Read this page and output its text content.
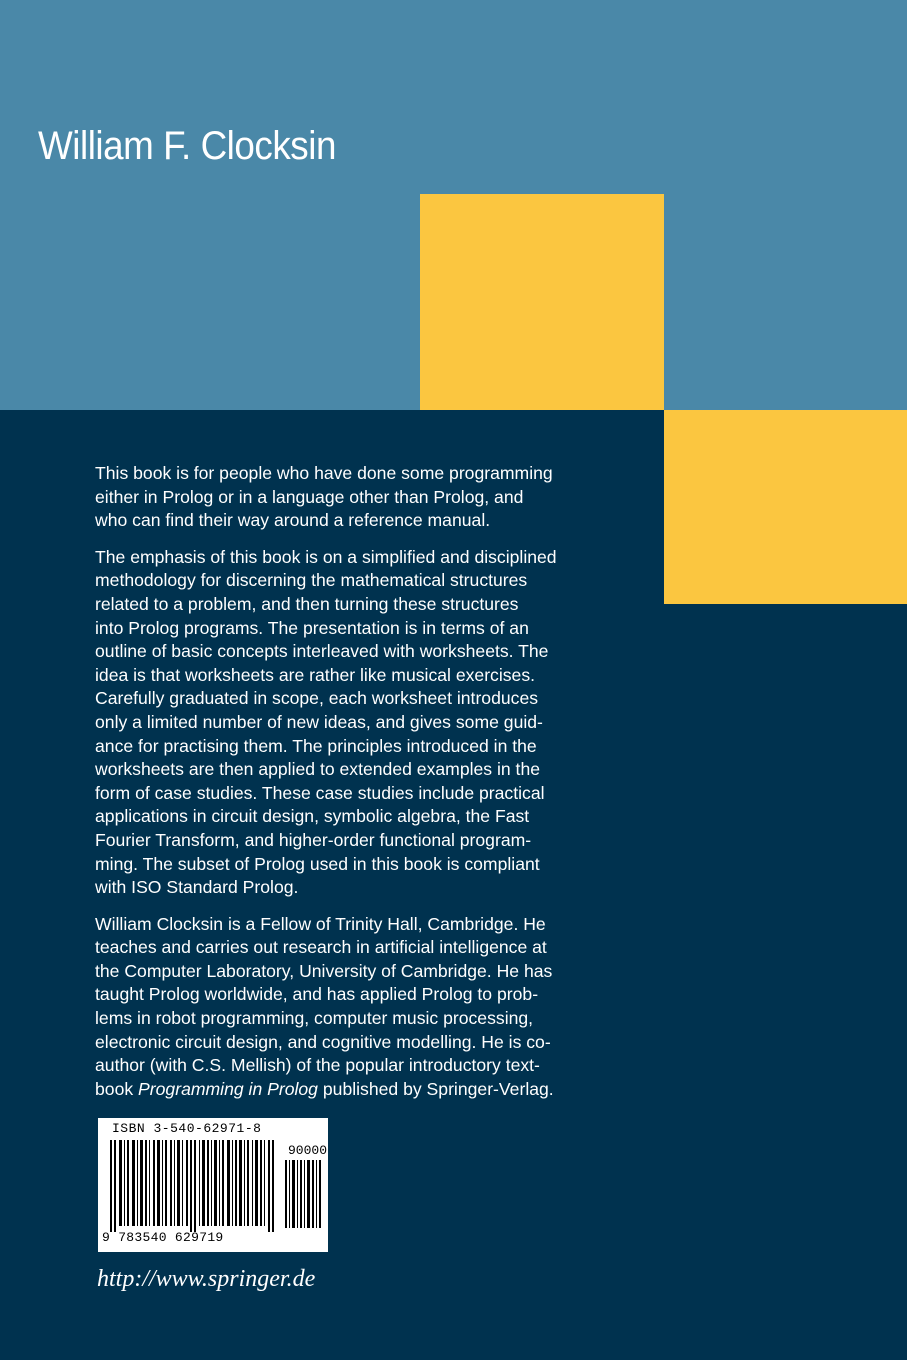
William F. Clocksin

This book is for people who have done some programming
either in Prolog or in a language other than Prolog, and
who can find their way around a reference manual.

The emphasis of this book is on a simplified and disciplined
methodology for discerning the mathematical structures
related to a problem, and then turning these structures
into Prolog programs. The presentation is in terms of an
outline of basic concepts interleaved with worksheets. The
idea is that worksheets are rather like musical exercises.
Carefully graduated in scope, each worksheet introduces
only a limited number of new ideas, and gives some guid-
ance for practising them. The principles introduced in the
worksheets are then applied to extended examples in the
form of case studies. These case studies include practical
applications in circuit design, symbolic algebra, the Fast
Fourier Transform, and higher-order functional program-
ming. The subset of Prolog used in this book is compliant
with ISO Standard Prolog.

William Clocksin is a Fellow of Trinity Hall, Cambridge. He
teaches and carries out research in artificial intelligence at
the Computer Laboratory, University of Cambridge. He has
taught Prolog worldwide, and has applied Prolog to prob-
lems in robot programming, computer music processing,
electronic circuit design, and cognitive modelling. He is co-
author (with C.S. Mellish) of the popular introductory text-
book Programming in Prolog published by Springer-Verlag.

ISBN 3-540-62971-8
90000
9 783540 629719
http://www.springer.de
